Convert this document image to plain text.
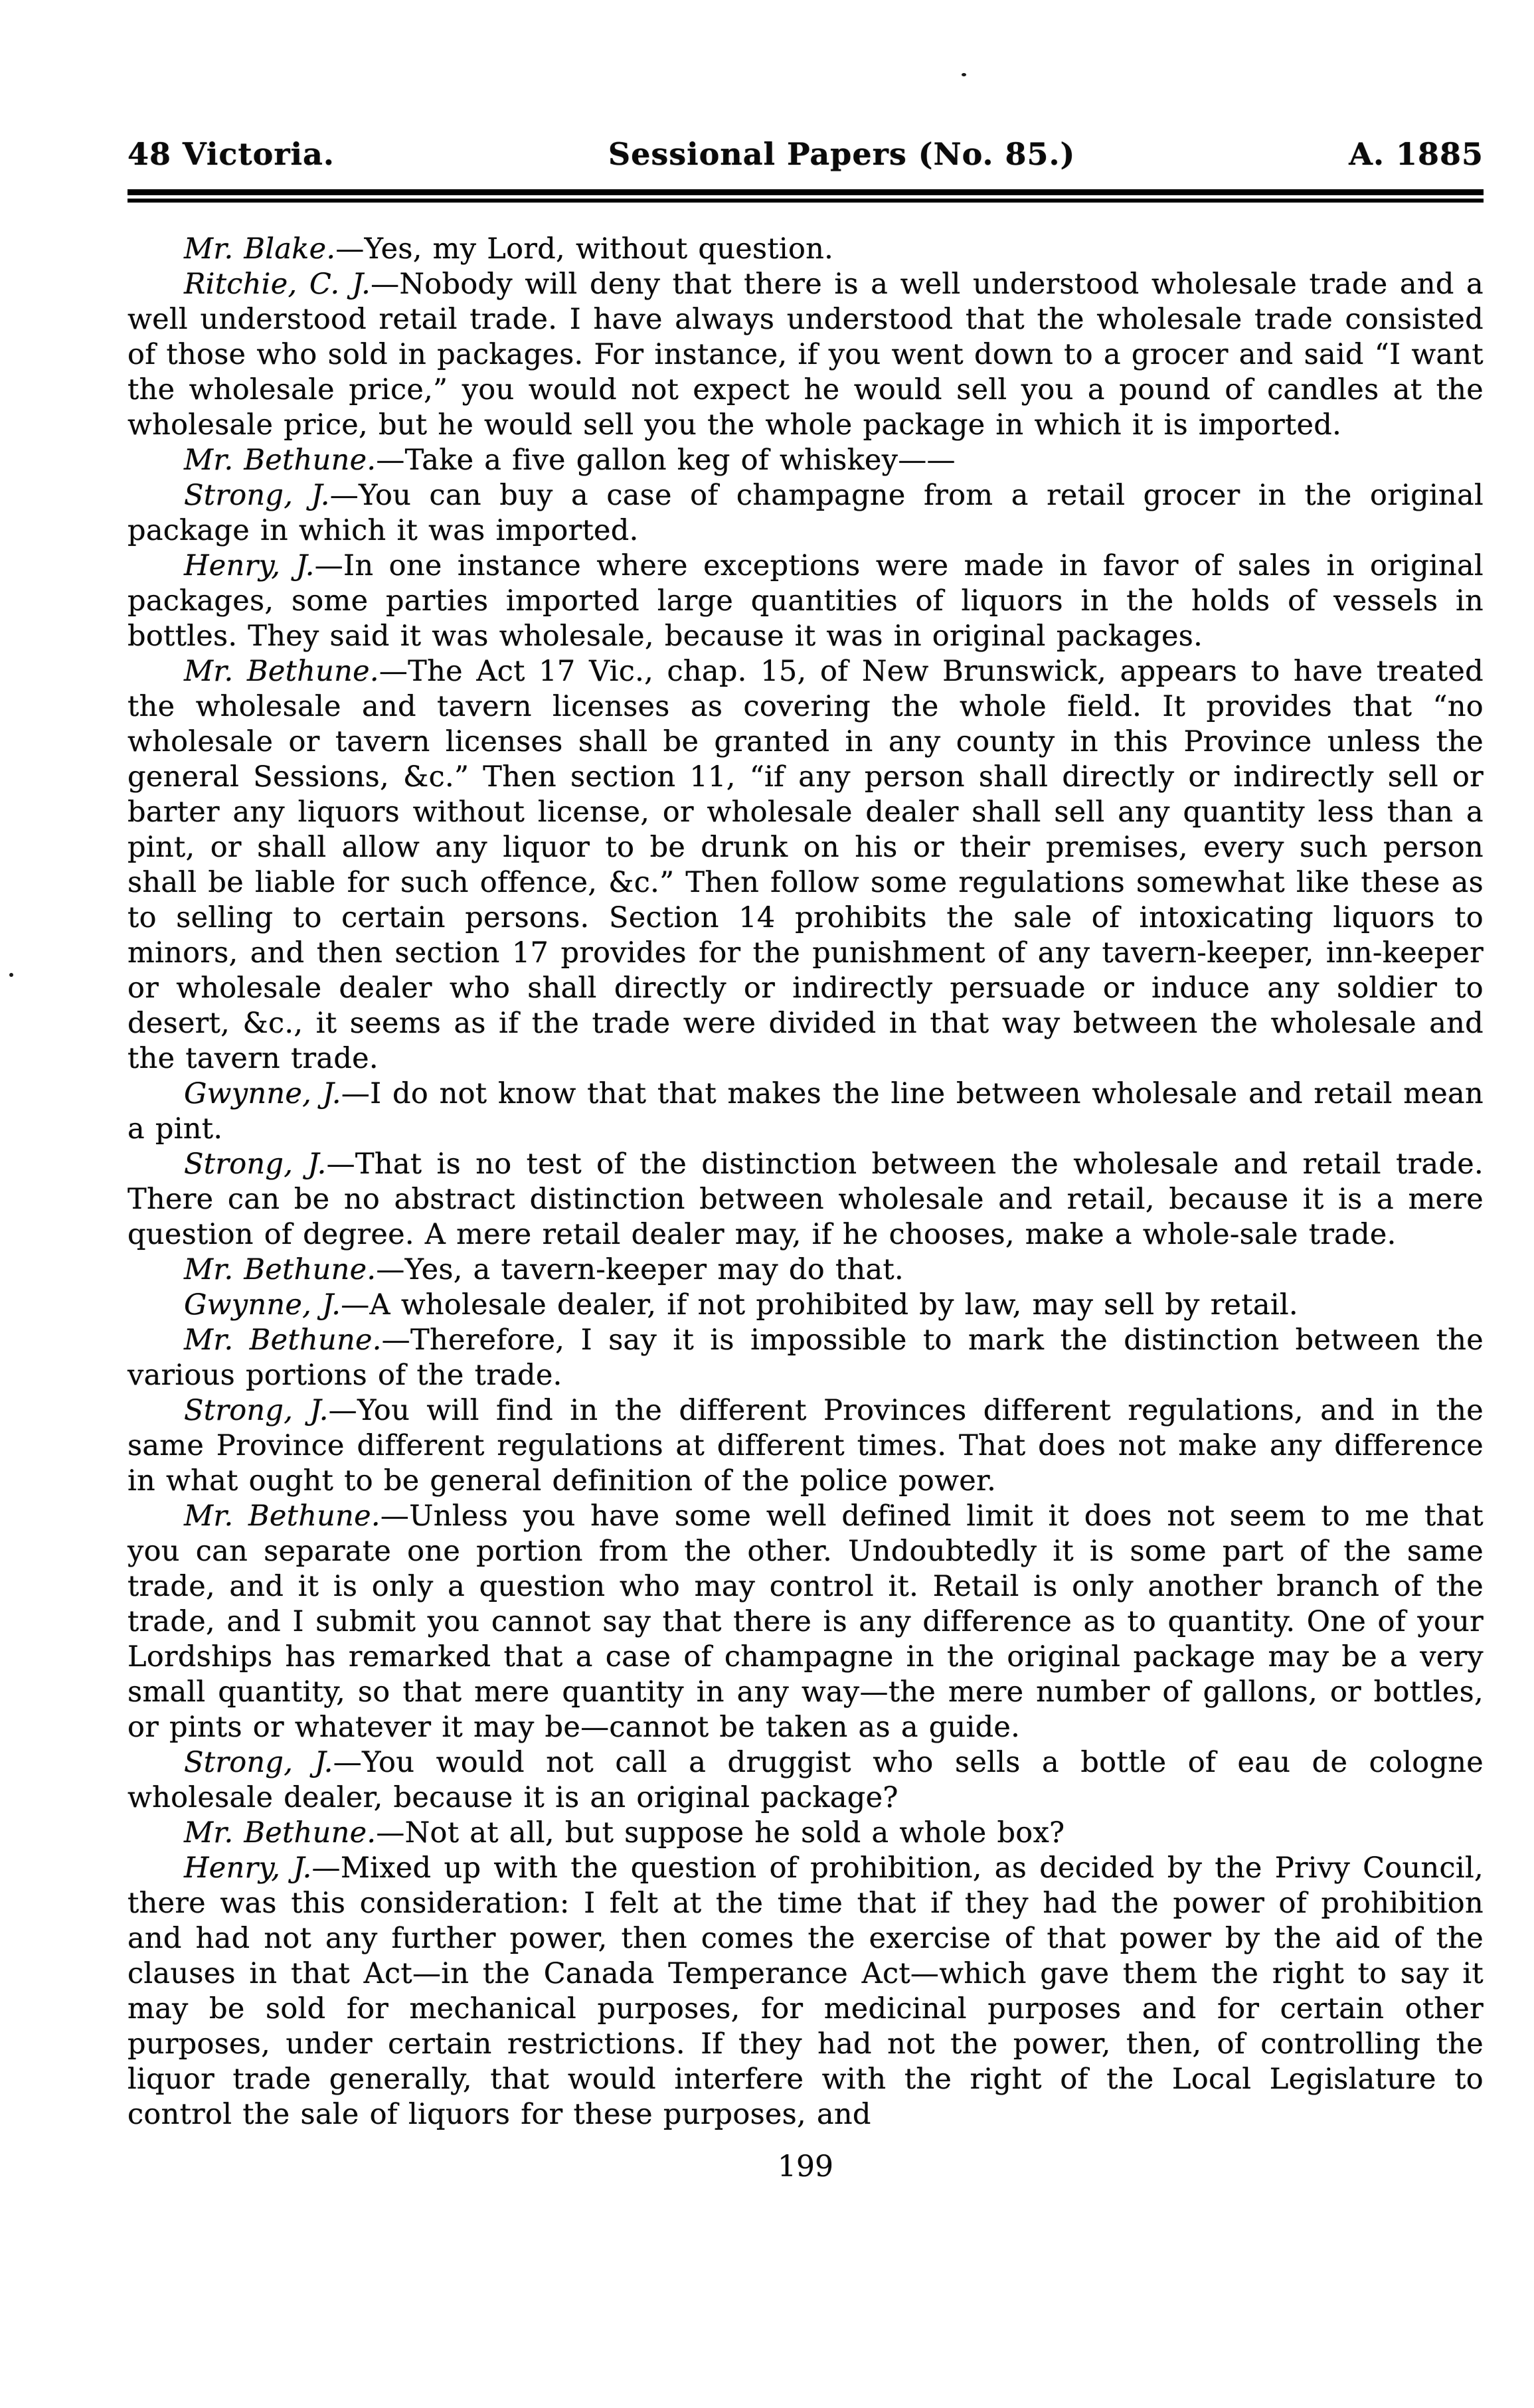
48 Victoria.	Sessional Papers (No. 85.)	A. 1885

Mr. Blake.—Yes, my Lord, without question.

Ritchie, C. J.—Nobody will deny that there is a well understood wholesale trade and a well understood retail trade. I have always understood that the wholesale trade consisted of those who sold in packages. For instance, if you went down to a grocer and said “I want the wholesale price,” you would not expect he would sell you a pound of candles at the wholesale price, but he would sell you the whole package in which it is imported.

Mr. Bethune.—Take a five gallon keg of whiskey——

Strong, J.—You can buy a case of champagne from a retail grocer in the original package in which it was imported.

Henry, J.—In one instance where exceptions were made in favor of sales in original packages, some parties imported large quantities of liquors in the holds of vessels in bottles. They said it was wholesale, because it was in original packages.

Mr. Bethune.—The Act 17 Vic., chap. 15, of New Brunswick, appears to have treated the wholesale and tavern licenses as covering the whole field. It provides that “no wholesale or tavern licenses shall be granted in any county in this Province unless the general Sessions, &c.” Then section 11, “if any person shall directly or indirectly sell or barter any liquors without license, or wholesale dealer shall sell any quantity less than a pint, or shall allow any liquor to be drunk on his or their premises, every such person shall be liable for such offence, &c.” Then follow some regulations somewhat like these as to selling to certain persons. Section 14 prohibits the sale of intoxicating liquors to minors, and then section 17 provides for the punishment of any tavern-keeper, inn-keeper or wholesale dealer who shall directly or indirectly persuade or induce any soldier to desert, &c., it seems as if the trade were divided in that way between the wholesale and the tavern trade.

Gwynne, J.—I do not know that that makes the line between wholesale and retail mean a pint.

Strong, J.—That is no test of the distinction between the wholesale and retail trade. There can be no abstract distinction between wholesale and retail, because it is a mere question of degree. A mere retail dealer may, if he chooses, make a whole-sale trade.

Mr. Bethune.—Yes, a tavern-keeper may do that.

Gwynne, J.—A wholesale dealer, if not prohibited by law, may sell by retail.

Mr. Bethune.—Therefore, I say it is impossible to mark the distinction between the various portions of the trade.

Strong, J.—You will find in the different Provinces different regulations, and in the same Province different regulations at different times. That does not make any difference in what ought to be general definition of the police power.

Mr. Bethune.—Unless you have some well defined limit it does not seem to me that you can separate one portion from the other. Undoubtedly it is some part of the same trade, and it is only a question who may control it. Retail is only another branch of the trade, and I submit you cannot say that there is any difference as to quantity. One of your Lordships has remarked that a case of champagne in the original package may be a very small quantity, so that mere quantity in any way—the mere number of gallons, or bottles, or pints or whatever it may be—cannot be taken as a guide.

Strong, J.—You would not call a druggist who sells a bottle of eau de cologne wholesale dealer, because it is an original package?

Mr. Bethune.—Not at all, but suppose he sold a whole box?

Henry, J.—Mixed up with the question of prohibition, as decided by the Privy Council, there was this consideration: I felt at the time that if they had the power of prohibition and had not any further power, then comes the exercise of that power by the aid of the clauses in that Act—in the Canada Temperance Act—which gave them the right to say it may be sold for mechanical purposes, for medicinal purposes and for certain other purposes, under certain restrictions. If they had not the power, then, of controlling the liquor trade generally, that would interfere with the right of the Local Legislature to control the sale of liquors for these purposes, and

199
